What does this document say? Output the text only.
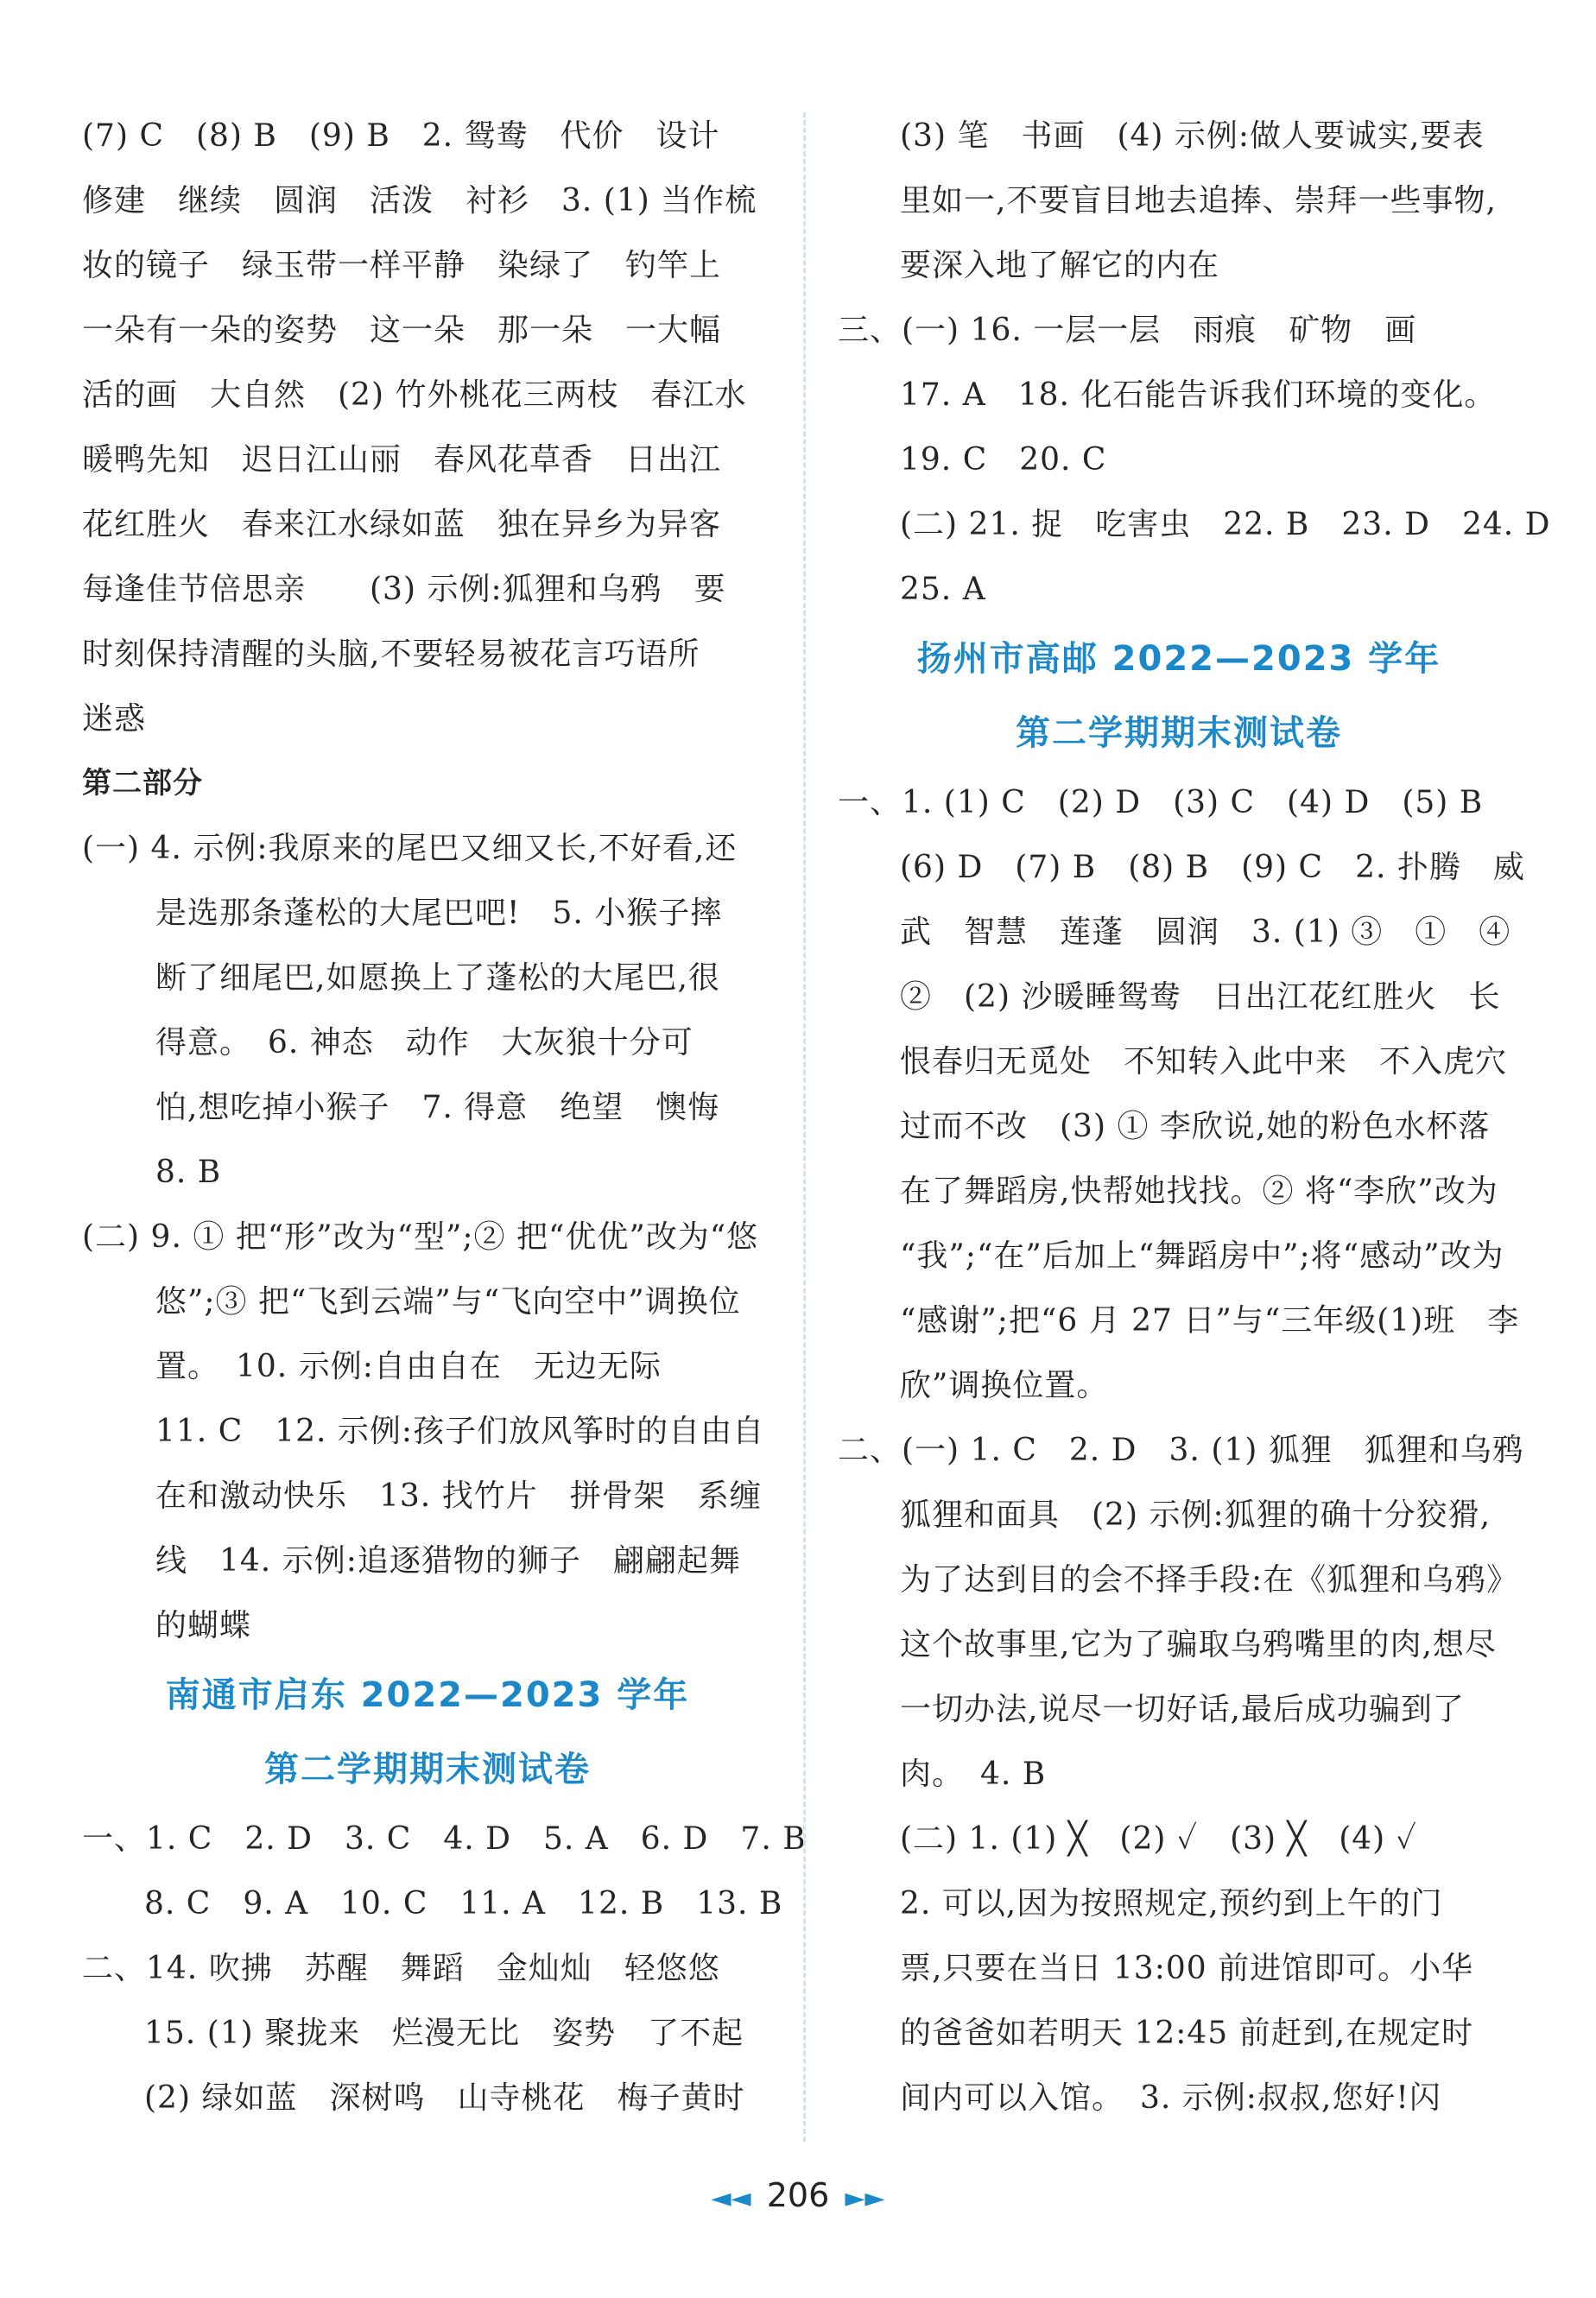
(7) C　(8) B　(9) B　2. 鸳鸯　代价　设计
修建　继续　圆润　活泼　衬衫　3. (1) 当作梳
妆的镜子　绿玉带一样平静　染绿了　钓竿上
一朵有一朵的姿势　这一朵　那一朵　一大幅
活的画　大自然　(2) 竹外桃花三两枝　春江水
暖鸭先知　迟日江山丽　春风花草香　日出江
花红胜火　春来江水绿如蓝　独在异乡为异客
每逢佳节倍思亲　　(3) 示例:狐狸和乌鸦　要
时刻保持清醒的头脑,不要轻易被花言巧语所
迷惑
第二部分
(一) 4. 示例:我原来的尾巴又细又长,不好看,还
是选那条蓬松的大尾巴吧!　5. 小猴子摔
断了细尾巴,如愿换上了蓬松的大尾巴,很
得意。　6. 神态　动作　大灰狼十分可
怕,想吃掉小猴子　7. 得意　绝望　懊悔
8. B
(二) 9. ① 把“形”改为“型”;② 把“优优”改为“悠
悠”;③ 把“飞到云端”与“飞向空中”调换位
置。　10. 示例:自由自在　无边无际
11. C　12. 示例:孩子们放风筝时的自由自
在和激动快乐　13. 找竹片　拼骨架　系缠
线　14. 示例:追逐猎物的狮子　翩翩起舞
的蝴蝶
南通市启东 2022—2023 学年
第二学期期末测试卷
一、1. C　2. D　3. C　4. D　5. A　6. D　7. B
8. C　9. A　10. C　11. A　12. B　13. B
二、14. 吹拂　苏醒　舞蹈　金灿灿　轻悠悠
15. (1) 聚拢来　烂漫无比　姿势　了不起
(2) 绿如蓝　深树鸣　山寺桃花　梅子黄时
(3) 笔　书画　(4) 示例:做人要诚实,要表
里如一,不要盲目地去追捧、崇拜一些事物,
要深入地了解它的内在
三、(一) 16. 一层一层　雨痕　矿物　画
17. A　18. 化石能告诉我们环境的变化。
19. C　20. C
(二) 21. 捉　吃害虫　22. B　23. D　24. D
25. A
扬州市高邮 2022—2023 学年
第二学期期末测试卷
一、1. (1) C　(2) D　(3) C　(4) D　(5) B
(6) D　(7) B　(8) B　(9) C　2. 扑腾　威
武　智慧　莲蓬　圆润　3. (1) ③　①　④
②　(2) 沙暖睡鸳鸯　日出江花红胜火　长
恨春归无觅处　不知转入此中来　不入虎穴
过而不改　(3) ① 李欣说,她的粉色水杯落
在了舞蹈房,快帮她找找。② 将“李欣”改为
“我”;“在”后加上“舞蹈房中”;将“感动”改为
“感谢”;把“6 月 27 日”与“三年级(1)班　李
欣”调换位置。
二、(一) 1. C　2. D　3. (1) 狐狸　狐狸和乌鸦
狐狸和面具　(2) 示例:狐狸的确十分狡猾,
为了达到目的会不择手段:在《狐狸和乌鸦》
这个故事里,它为了骗取乌鸦嘴里的肉,想尽
一切办法,说尽一切好话,最后成功骗到了
肉。　4. B
(二) 1. (1) ╳　(2) ✓　(3) ╳　(4) ✓
2. 可以,因为按照规定,预约到上午的门
票,只要在当日 13:00 前进馆即可。小华
的爸爸如若明天 12:45 前赶到,在规定时
间内可以入馆。　3. 示例:叔叔,您好!闪
◄◄ 206 ►►
